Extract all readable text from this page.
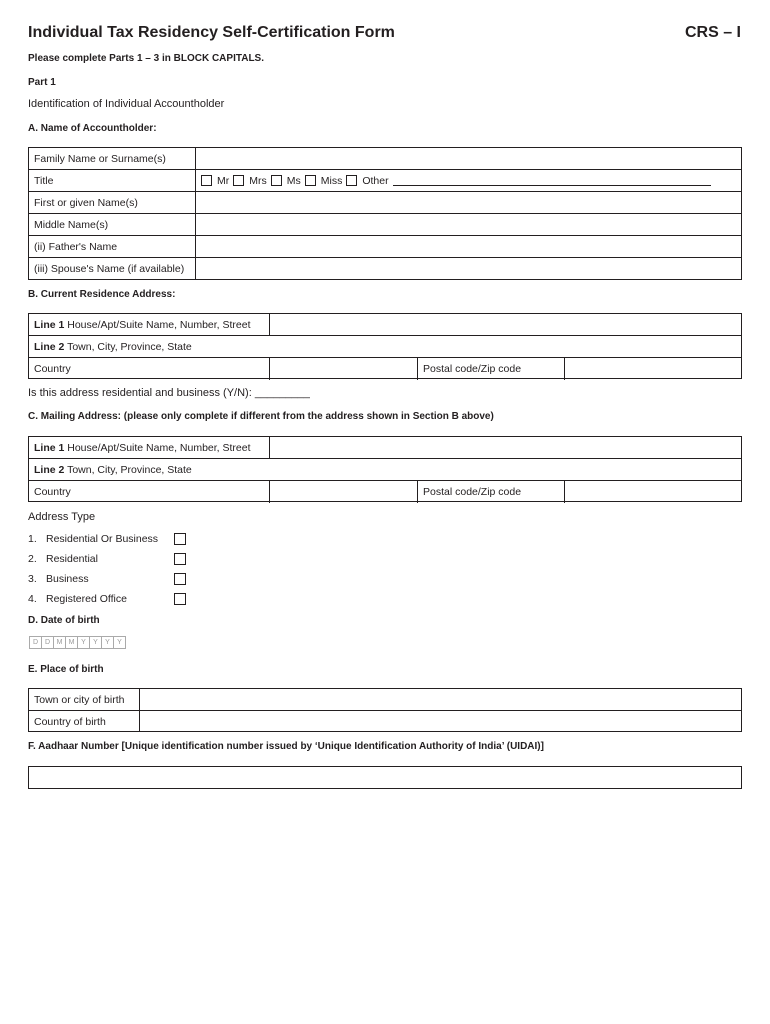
Individual Tax Residency Self-Certification Form	CRS – I
Please complete Parts 1 – 3 in BLOCK CAPITALS.
Part 1
Identification of Individual Accountholder
A. Name of Accountholder:
Family Name or Surname(s)
Title	Mr Mrs Ms Miss Other
First or given Name(s)
Middle Name(s)
(ii) Father's Name
(iii) Spouse's Name (if available)
B. Current Residence Address:
Line 1 House/Apt/Suite Name, Number, Street
Line 2 Town, City, Province, State
Country	Postal code/Zip code
Is this address residential and business (Y/N): _________
C. Mailing Address: (please only complete if different from the address shown in Section B above)
Line 1 House/Apt/Suite Name, Number, Street
Line 2 Town, City, Province, State
Country	Postal code/Zip code
Address Type
1. Residential Or Business
2. Residential
3. Business
4. Registered Office
D. Date of birth
D D M M Y	Y	Y	Y
E. Place of birth
Town or city of birth
Country of birth
F. Aadhaar Number [Unique identification number issued by ‘Unique Identification Authority of India’ (UIDAI)]
